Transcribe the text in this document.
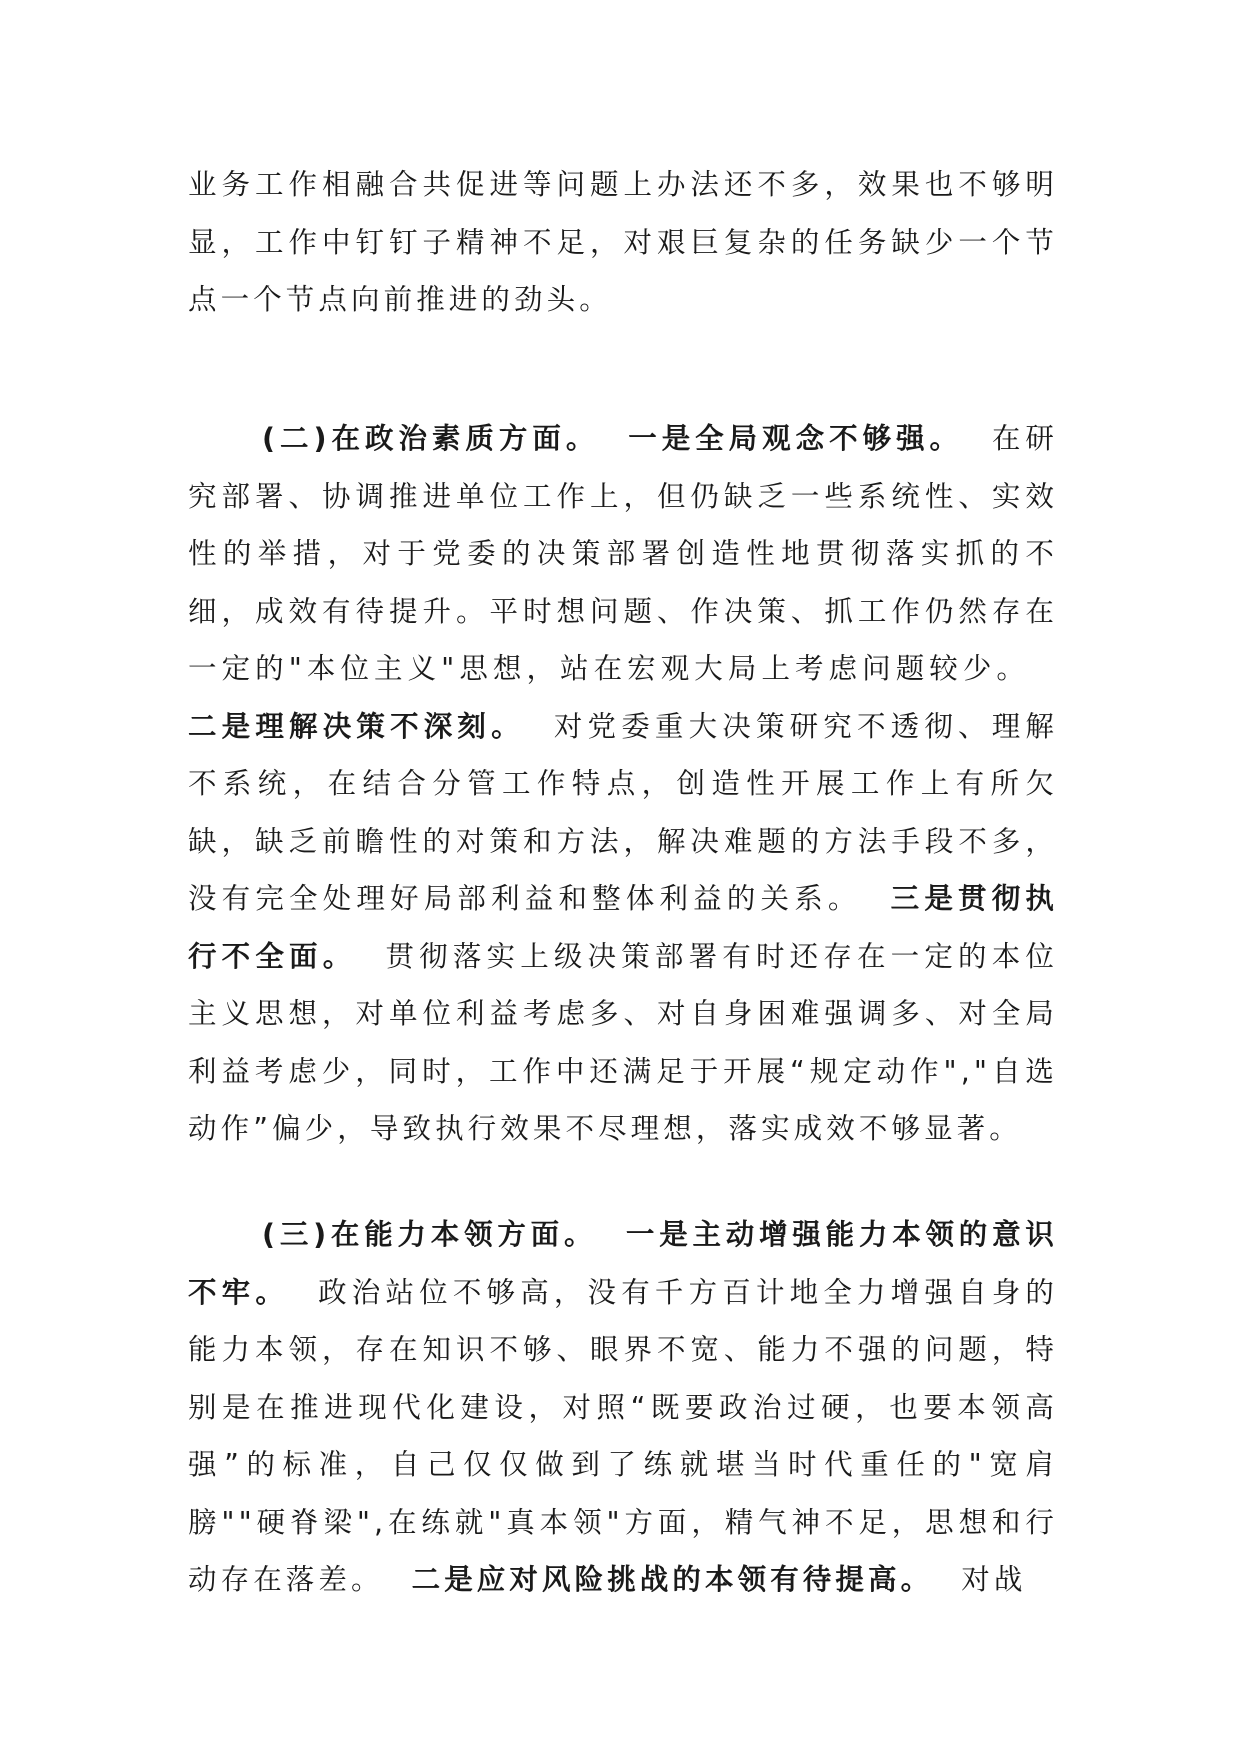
业务工作相融合共促进等问题上办法还不多，效果也不够明显，工作中钉钉子精神不足，对艰巨复杂的任务缺少一个节点一个节点向前推进的劲头。

(二)在政治素质方面。 一是全局观念不够强。 在研究部署、协调推进单位工作上，但仍缺乏一些系统性、实效性的举措，对于党委的决策部署创造性地贯彻落实抓的不细，成效有待提升。平时想问题、作决策、抓工作仍然存在一定的"本位主义"思想，站在宏观大局上考虑问题较少。二是理解决策不深刻。 对党委重大决策研究不透彻、理解不系统，在结合分管工作特点，创造性开展工作上有所欠缺，缺乏前瞻性的对策和方法，解决难题的方法手段不多，没有完全处理好局部利益和整体利益的关系。 三是贯彻执行不全面。 贯彻落实上级决策部署有时还存在一定的本位主义思想，对单位利益考虑多、对自身困难强调多、对全局利益考虑少，同时，工作中还满足于开展“规定动作","自选动作”偏少，导致执行效果不尽理想，落实成效不够显著。

(三)在能力本领方面。 一是主动增强能力本领的意识不牢。 政治站位不够高，没有千方百计地全力增强自身的能力本领，存在知识不够、眼界不宽、能力不强的问题，特别是在推进现代化建设，对照“既要政治过硬，也要本领高强”的标准，自己仅仅做到了练就堪当时代重任的"宽肩膀""硬脊梁",在练就"真本领"方面，精气神不足，思想和行动存在落差。 二是应对风险挑战的本领有待提高。 对战
